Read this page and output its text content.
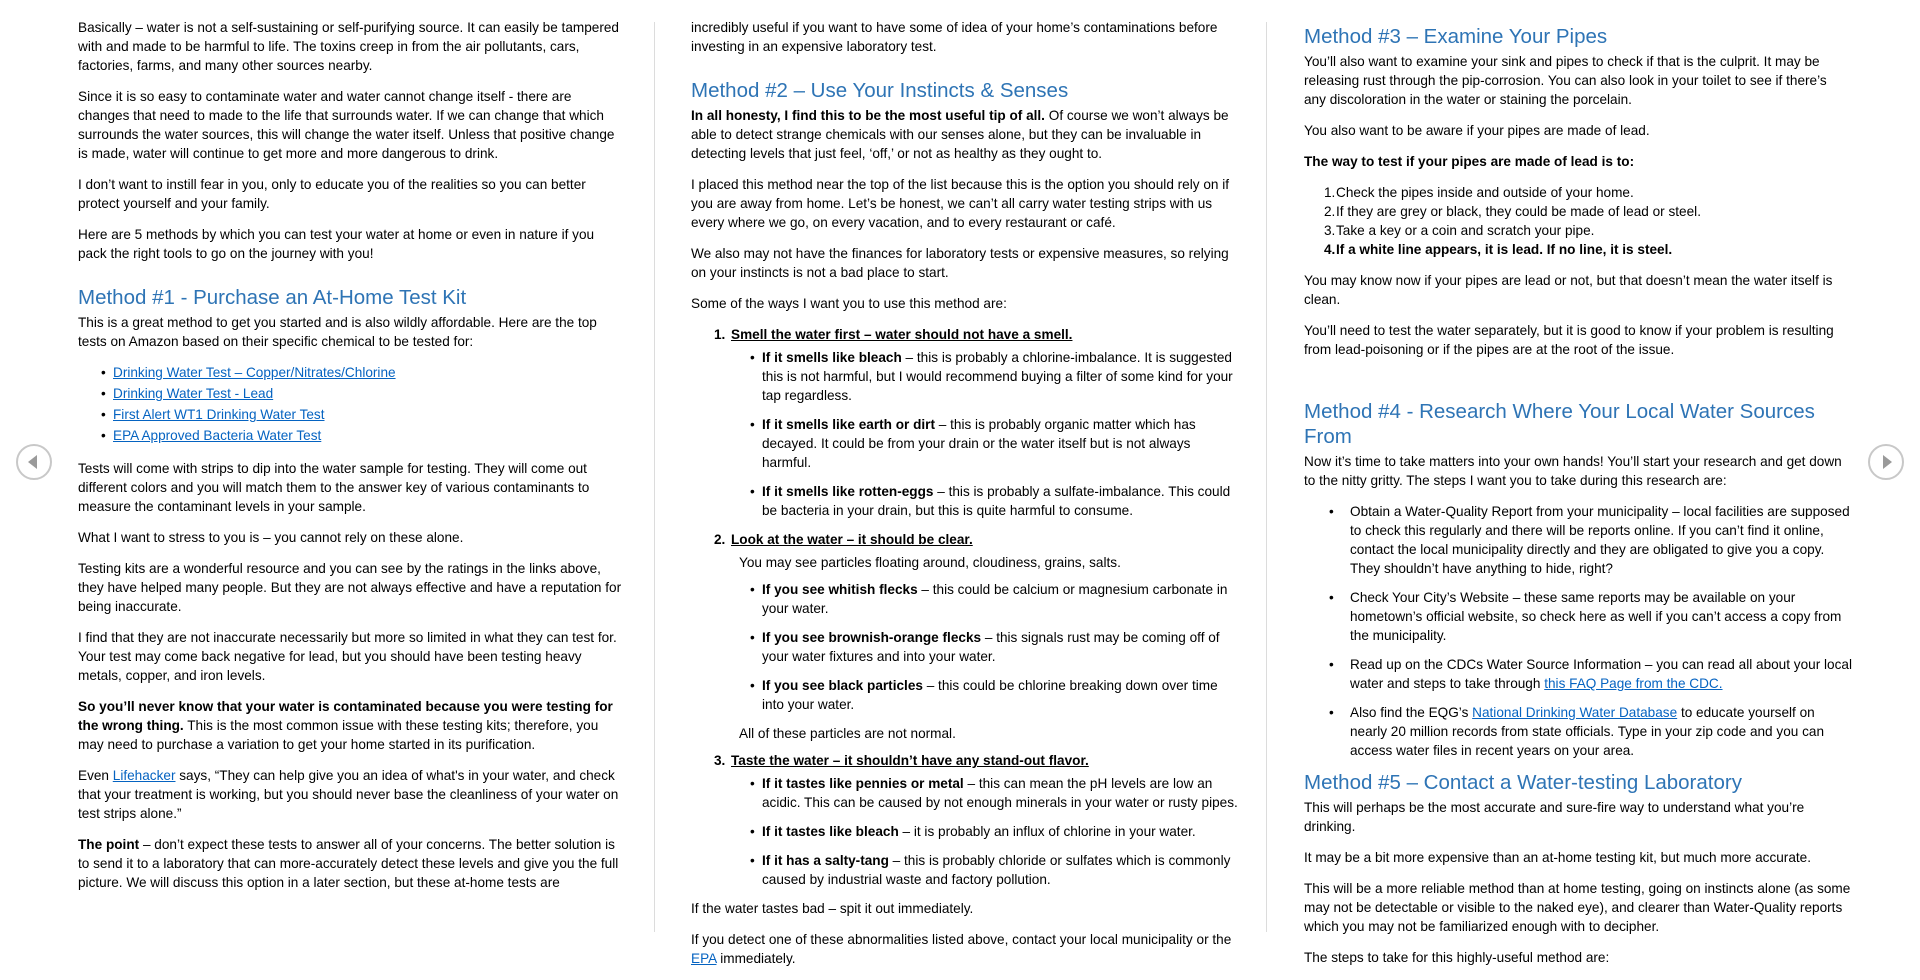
Basically – water is not a self-sustaining or self-purifying source. It can easily be tampered with and made to be harmful to life. The toxins creep in from the air pollutants, cars, factories, farms, and many other sources nearby.

Since it is so easy to contaminate water and water cannot change itself - there are changes that need to made to the life that surrounds water. If we can change that which surrounds the water sources, this will change the water itself. Unless that positive change is made, water will continue to get more and more dangerous to drink.

I don’t want to instill fear in you, only to educate you of the realities so you can better protect yourself and your family.

Here are 5 methods by which you can test your water at home or even in nature if you pack the right tools to go on the journey with you!

Method #1 - Purchase an At-Home Test Kit

This is a great method to get you started and is also wildly affordable. Here are the top tests on Amazon based on their specific chemical to be tested for:

• Drinking Water Test – Copper/Nitrates/Chlorine
• Drinking Water Test - Lead
• First Alert WT1 Drinking Water Test
• EPA Approved Bacteria Water Test

Tests will come with strips to dip into the water sample for testing. They will come out different colors and you will match them to the answer key of various contaminants to measure the contaminant levels in your sample.

What I want to stress to you is – you cannot rely on these alone.

Testing kits are a wonderful resource and you can see by the ratings in the links above, they have helped many people. But they are not always effective and have a reputation for being inaccurate.

I find that they are not inaccurate necessarily but more so limited in what they can test for. Your test may come back negative for lead, but you should have been testing heavy metals, copper, and iron levels.

So you’ll never know that your water is contaminated because you were testing for the wrong thing. This is the most common issue with these testing kits; therefore, you may need to purchase a variation to get your home started in its purification.

Even Lifehacker says, “They can help give you an idea of what's in your water, and check that your treatment is working, but you should never base the cleanliness of your water on test strips alone.”

The point – don’t expect these tests to answer all of your concerns. The better solution is to send it to a laboratory that can more-accurately detect these levels and give you the full picture. We will discuss this option in a later section, but these at-home tests are

incredibly useful if you want to have some of idea of your home’s contaminations before investing in an expensive laboratory test.

Method #2 – Use Your Instincts & Senses

In all honesty, I find this to be the most useful tip of all. Of course we won’t always be able to detect strange chemicals with our senses alone, but they can be invaluable in detecting levels that just feel, ‘off,’ or not as healthy as they ought to.

I placed this method near the top of the list because this is the option you should rely on if you are away from home. Let’s be honest, we can’t all carry water testing strips with us every where we go, on every vacation, and to every restaurant or café.

We also may not have the finances for laboratory tests or expensive measures, so relying on your instincts is not a bad place to start.

Some of the ways I want you to use this method are:

1. Smell the water first – water should not have a smell.
• If it smells like bleach – this is probably a chlorine-imbalance. It is suggested this is not harmful, but I would recommend buying a filter of some kind for your tap regardless.
• If it smells like earth or dirt – this is probably organic matter which has decayed. It could be from your drain or the water itself but is not always harmful.
• If it smells like rotten-eggs – this is probably a sulfate-imbalance. This could be bacteria in your drain, but this is quite harmful to consume.
2. Look at the water – it should be clear.
You may see particles floating around, cloudiness, grains, salts.
• If you see whitish flecks – this could be calcium or magnesium carbonate in your water.
• If you see brownish-orange flecks – this signals rust may be coming off of your water fixtures and into your water.
• If you see black particles – this could be chlorine breaking down over time into your water.
All of these particles are not normal.
3. Taste the water – it shouldn’t have any stand-out flavor.
• If it tastes like pennies or metal – this can mean the pH levels are low an acidic. This can be caused by not enough minerals in your water or rusty pipes.
• If it tastes like bleach – it is probably an influx of chlorine in your water.
• If it has a salty-tang – this is probably chloride or sulfates which is commonly caused by industrial waste and factory pollution.

If the water tastes bad – spit it out immediately.

If you detect one of these abnormalities listed above, contact your local municipality or the EPA immediately.

Method #3 – Examine Your Pipes

You’ll also want to examine your sink and pipes to check if that is the culprit. It may be releasing rust through the pip-corrosion. You can also look in your toilet to see if there’s any discoloration in the water or staining the porcelain.

You also want to be aware if your pipes are made of lead.

The way to test if your pipes are made of lead is to:

1. Check the pipes inside and outside of your home.
2. If they are grey or black, they could be made of lead or steel.
3. Take a key or a coin and scratch your pipe.
4. If a white line appears, it is lead. If no line, it is steel.

You may know now if your pipes are lead or not, but that doesn’t mean the water itself is clean.

You’ll need to test the water separately, but it is good to know if your problem is resulting from lead-poisoning or if the pipes are at the root of the issue.

Method #4 - Research Where Your Local Water Sources From

Now it’s time to take matters into your own hands! You’ll start your research and get down to the nitty gritty. The steps I want you to take during this research are:

• Obtain a Water-Quality Report from your municipality – local facilities are supposed to check this regularly and there will be reports online. If you can’t find it online, contact the local municipality directly and they are obligated to give you a copy. They shouldn’t have anything to hide, right?
• Check Your City’s Website – these same reports may be available on your hometown’s official website, so check here as well if you can’t access a copy from the municipality.
• Read up on the CDCs Water Source Information – you can read all about your local water and steps to take through this FAQ Page from the CDC.
• Also find the EQG’s National Drinking Water Database to educate yourself on nearly 20 million records from state officials. Type in your zip code and you can access water files in recent years on your area.
Method #5 – Contact a Water-testing Laboratory

This will perhaps be the most accurate and sure-fire way to understand what you’re drinking.

It may be a bit more expensive than an at-home testing kit, but much more accurate.

This will be a more reliable method than at home testing, going on instincts alone (as some may not be detectable or visible to the naked eye), and clearer than Water-Quality reports which you may not be familiarized enough with to decipher.

The steps to take for this highly-useful method are:
